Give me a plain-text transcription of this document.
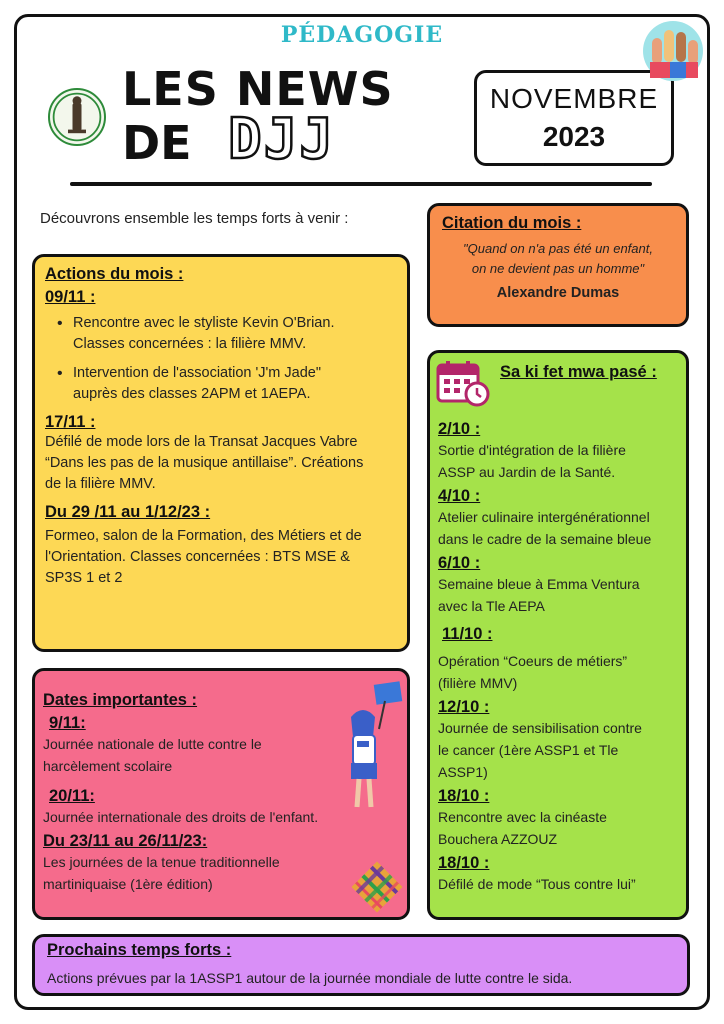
PÉDAGOGIE
LES NEWS
DE DJJ
NOVEMBRE
2023
Découvrons ensemble les temps forts à venir :
Actions du mois :
09/11 :
• Rencontre avec le styliste Kevin O'Brian.
Classes concernées : la filière MMV.
• Intervention de l'association 'J'm Jade"
auprès des classes 2APM et 1AEPA.
17/11 :
Défilé de mode lors de la Transat Jacques Vabre
“Dans les pas de la musique antillaise”. Créations
de la filière MMV.
Du 29 /11 au 1/12/23 :
Formeo, salon de la Formation, des Métiers et de
l'Orientation. Classes concernées : BTS MSE &
SP3S 1 et 2
Citation du mois :
"Quand on n'a pas été un enfant,
on ne devient pas un homme"
Alexandre Dumas
Sa ki fet mwa pasé :
2/10 :
Sortie d'intégration de la filière
ASSP au Jardin de la Santé.
4/10 :
Atelier culinaire intergénérationnel
dans le cadre de la semaine bleue
6/10 :
Semaine bleue à Emma Ventura
avec la Tle AEPA
11/10 :
Opération “Coeurs de métiers”
(filière MMV)
12/10 :
Journée de sensibilisation contre
le cancer (1ère ASSP1 et Tle
ASSP1)
18/10 :
Rencontre avec la cinéaste
Bouchera AZZOUZ
18/10 :
Défilé de mode “Tous contre lui”
Dates importantes :
9/11:
Journée nationale de lutte contre le
harcèlement scolaire
20/11:
Journée internationale des droits de l'enfant.
Du 23/11 au 26/11/23:
Les journées de la tenue traditionnelle
martiniquaise (1ère édition)
Prochains temps forts :
Actions prévues par la 1ASSP1 autour de la journée mondiale de lutte contre le sida.
